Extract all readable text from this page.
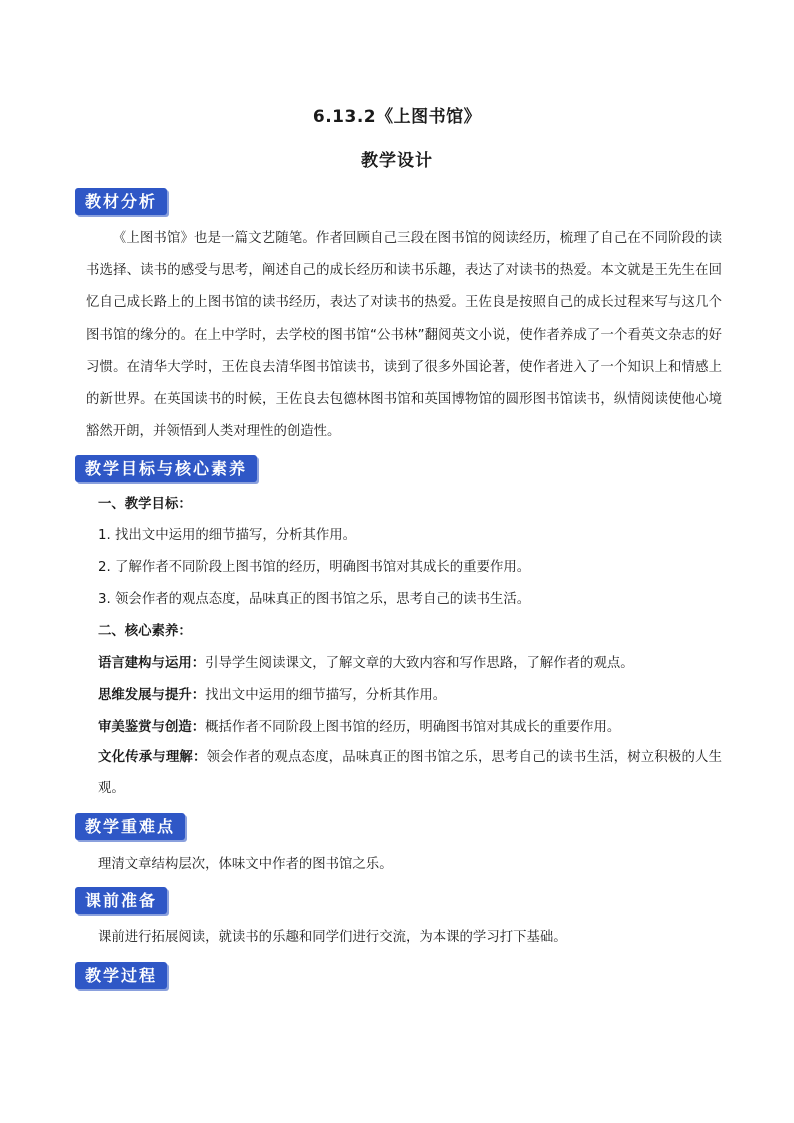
6.13.2《上图书馆》
教学设计
教材分析

《上图书馆》也是一篇文艺随笔。作者回顾自己三段在图书馆的阅读经历，梳理了自己在不同阶段的读书选择、读书的感受与思考，阐述自己的成长经历和读书乐趣，表达了对读书的热爱。本文就是王先生在回忆自己成长路上的上图书馆的读书经历，表达了对读书的热爱。王佐良是按照自己的成长过程来写与这几个图书馆的缘分的。在上中学时，去学校的图书馆“公书林”翻阅英文小说，使作者养成了一个看英文杂志的好习惯。在清华大学时，王佐良去清华图书馆读书，读到了很多外国论著，使作者进入了一个知识上和情感上的新世界。在英国读书的时候，王佐良去包德林图书馆和英国博物馆的圆形图书馆读书，纵情阅读使他心境豁然开朗，并领悟到人类对理性的创造性。

教学目标与核心素养
一、教学目标：
1. 找出文中运用的细节描写，分析其作用。
2. 了解作者不同阶段上图书馆的经历，明确图书馆对其成长的重要作用。
3. 领会作者的观点态度，品味真正的图书馆之乐，思考自己的读书生活。
二、核心素养：
语言建构与运用：引导学生阅读课文，了解文章的大致内容和写作思路，了解作者的观点。
思维发展与提升：找出文中运用的细节描写，分析其作用。
审美鉴赏与创造：概括作者不同阶段上图书馆的经历，明确图书馆对其成长的重要作用。

文化传承与理解：领会作者的观点态度，品味真正的图书馆之乐，思考自己的读书生活，树立积极的人生观。

教学重难点
理清文章结构层次，体味文中作者的图书馆之乐。
课前准备
课前进行拓展阅读，就读书的乐趣和同学们进行交流，为本课的学习打下基础。
教学过程
